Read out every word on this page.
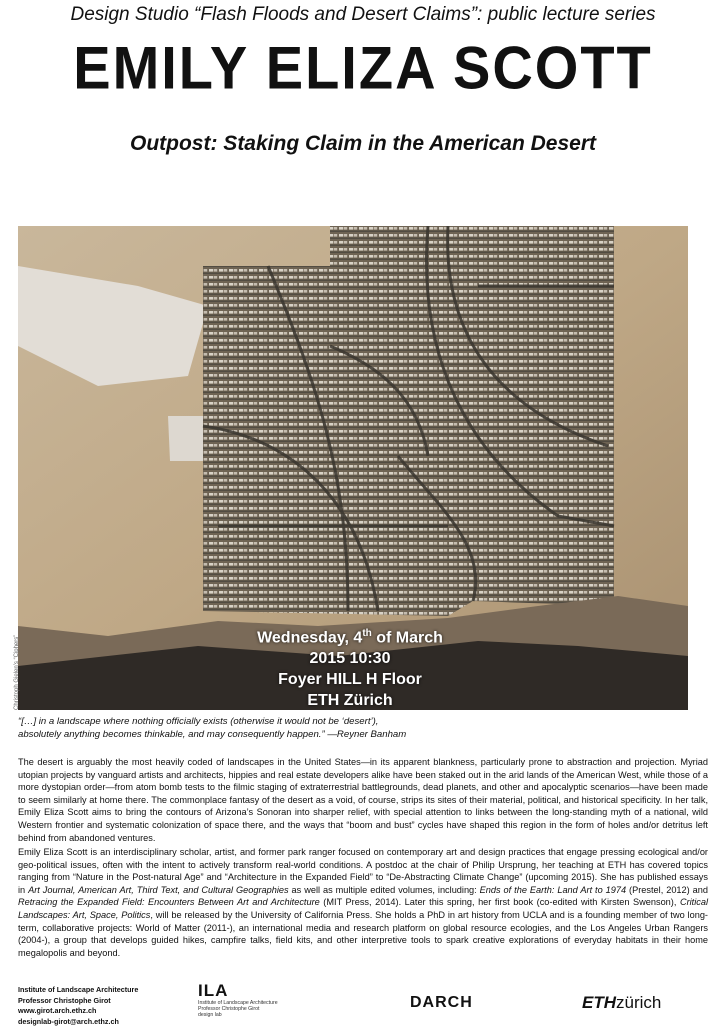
Design Studio “Flash Floods and Desert Claims”: public lecture series
EMILY ELIZA SCOTT
Outpost: Staking Claim in the American Desert
Wednesday, 4th of March
2015 10:30
Foyer HILL H Floor
ETH Zürich
Christoph Gielen’s “Ciphers”
“[…] in a landscape where nothing officially exists (otherwise it would not be ‘desert’),
absolutely anything becomes thinkable, and may consequently happen.” —Reyner Banham

The desert is arguably the most heavily coded of landscapes in the United States—in its apparent blankness, particularly prone to abstraction and projection. Myriad utopian projects by vanguard artists and architects, hippies and real estate developers alike have been staked out in the arid lands of the American West, while those of a more dystopian order—from atom bomb tests to the filmic staging of extraterrestrial battlegrounds, dead planets, and other and apocalyptic scenarios—have been made to seem similarly at home there. The commonplace fantasy of the desert as a void, of course, strips its sites of their material, political, and historical specificity. In her talk, Emily Eliza Scott aims to bring the contours of Arizona’s Sonoran into sharper relief, with special attention to links between the long-standing myth of a national, wild Western frontier and systematic colonization of space there, and the ways that “boom and bust” cycles have shaped this region in the form of holes and/or detritus left behind from abandoned ventures.

Emily Eliza Scott is an interdisciplinary scholar, artist, and former park ranger focused on contemporary art and design practices that engage pressing ecological and/or geo-political issues, often with the intent to actively transform real-world conditions. A postdoc at the chair of Philip Ursprung, her teaching at ETH has covered topics ranging from “Nature in the Post-natural Age” and “Architecture in the Expanded Field” to “De-Abstracting Climate Change” (upcoming 2015). She has published essays in Art Journal, American Art, Third Text, and Cultural Geographies as well as multiple edited volumes, including: Ends of the Earth: Land Art to 1974 (Prestel, 2012) and Retracing the Expanded Field: Encounters Between Art and Architecture (MIT Press, 2014). Later this spring, her first book (co-edited with Kirsten Swenson), Critical Landscapes: Art, Space, Politics, will be released by the University of California Press. She holds a PhD in art history from UCLA and is a founding member of two long-term, collaborative projects: World of Matter (2011-), an international media and research platform on global resource ecologies, and the Los Angeles Urban Rangers (2004-), a group that develops guided hikes, campfire talks, field kits, and other interpretive tools to spark creative explorations of everyday habitats in their home megalopolis and beyond.

Institute of Landscape Architecture
Professor Christophe Girot
www.girot.arch.ethz.ch
designlab-girot@arch.ethz.ch
ILA
Institute of Landscape Architecture
Professor Christophe Girot
design lab
DARCH	ETHzürich
